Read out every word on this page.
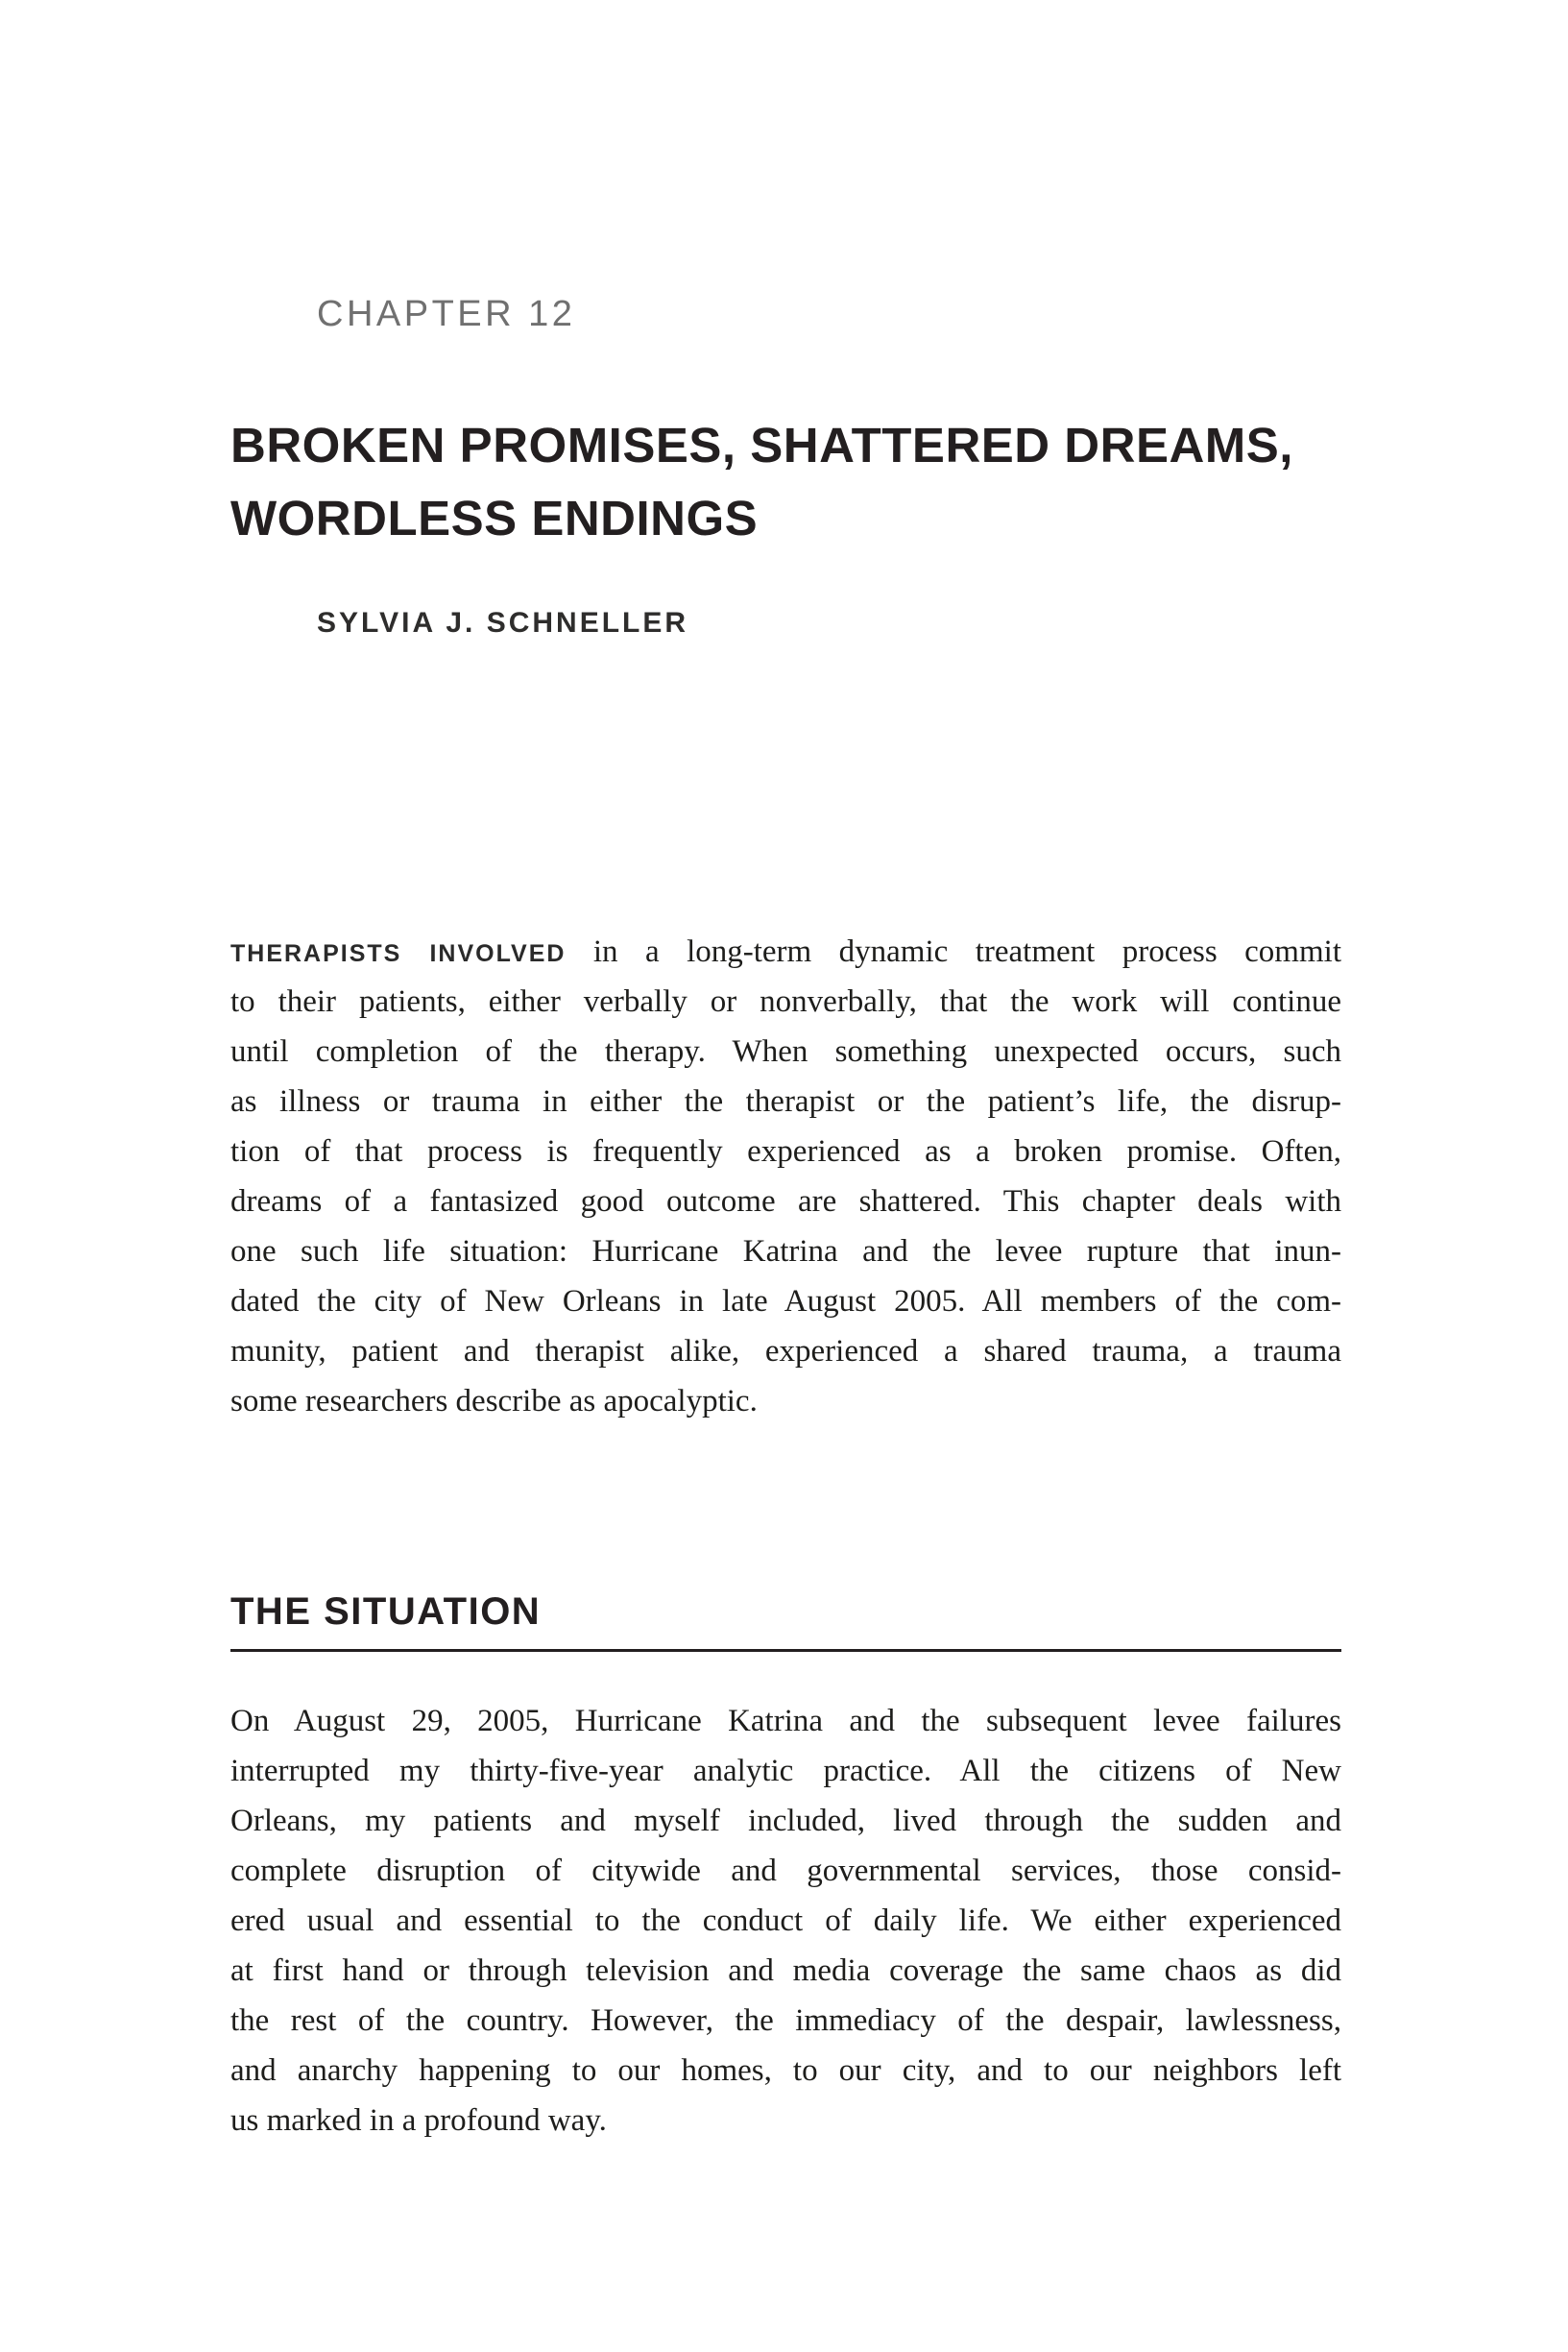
CHAPTER 12
BROKEN PROMISES, SHATTERED DREAMS,
WORDLESS ENDINGS
SYLVIA J. SCHNELLER
THERAPISTS INVOLVED in a long-term dynamic treatment process commit
to their patients, either verbally or nonverbally, that the work will continue
until completion of the therapy. When something unexpected occurs, such
as illness or trauma in either the therapist or the patient’s life, the disrup-
tion of that process is frequently experienced as a broken promise. Often,
dreams of a fantasized good outcome are shattered. This chapter deals with
one such life situation: Hurricane Katrina and the levee rupture that inun-
dated the city of New Orleans in late August 2005. All members of the com-
munity, patient and therapist alike, experienced a shared trauma, a trauma
some researchers describe as apocalyptic.
THE SITUATION
On August 29, 2005, Hurricane Katrina and the subsequent levee failures
interrupted my thirty-five-year analytic practice. All the citizens of New
Orleans, my patients and myself included, lived through the sudden and
complete disruption of citywide and governmental services, those consid-
ered usual and essential to the conduct of daily life. We either experienced
at first hand or through television and media coverage the same chaos as did
the rest of the country. However, the immediacy of the despair, lawlessness,
and anarchy happening to our homes, to our city, and to our neighbors left
us marked in a profound way.
